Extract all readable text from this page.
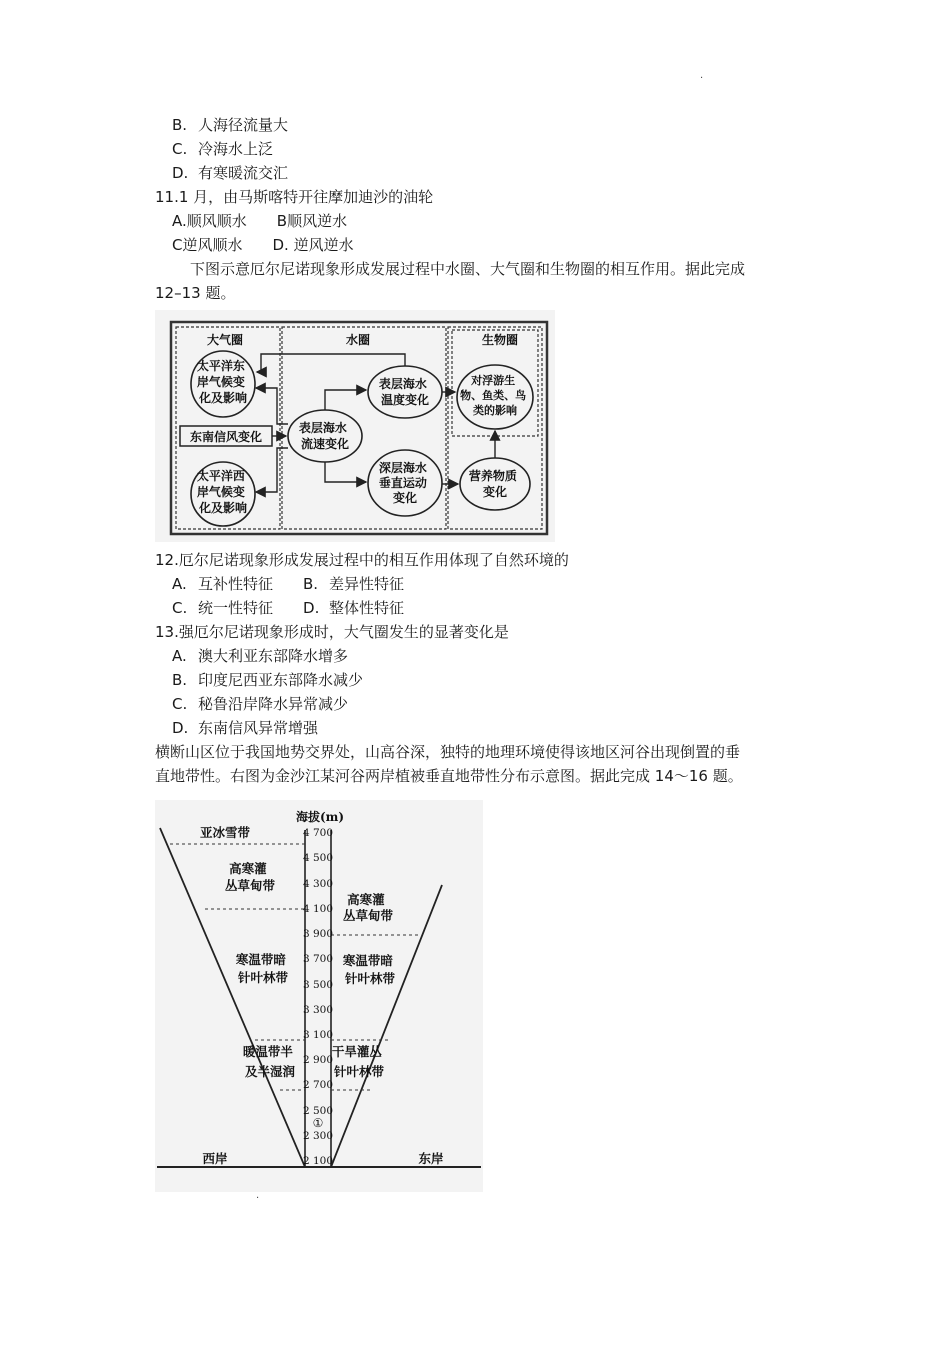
.
B. 人海径流量大
C. 冷海水上泛
D. 有寒暖流交汇
11.1 月，由马斯喀特开往摩加迪沙的油轮
A.顺风顺水 B顺风逆水
C逆风顺水 D. 逆风逆水
下图示意厄尔尼诺现象形成发展过程中水圈、大气圈和生物圈的相互作用。据此完成
12–13 题。
大气圈	水圈	生物圈
太平洋东 岸气候变 化及影响
东南信风变化
太平洋西 岸气候变 化及影响
表层海水 流速变化
表层海水 温度变化
深层海水 垂直运动 变化
对浮游生 物、鱼类、鸟 类的影响
营养物质 变化
12.厄尔尼诺现象形成发展过程中的相互作用体现了自然环境的
A. 互补性特征 B. 差异性特征
C. 统一性特征 D. 整体性特征
13.强厄尔尼诺现象形成时，大气圈发生的显著变化是
A. 澳大利亚东部降水增多
B. 印度尼西亚东部降水减少
C. 秘鲁沿岸降水异常减少
D. 东南信风异常增强
横断山区位于我国地势交界处，山高谷深，独特的地理环境使得该地区河谷出现倒置的垂
直地带性。右图为金沙江某河谷两岸植被垂直地带性分布示意图。据此完成 14～16 题。
海拔(m)
4 700
4 500
4 300
4 100
3 900
3 700
3 500
3 300
3 100
2 900
2 700
2 500
2 300
2 100
①
亚冰雪带
高寒灌 丛草甸带
寒温带暗 针叶林带
暖温带半 及半湿润
高寒灌 丛草甸带
寒温带暗 针叶林带
干旱灌丛 针叶林带
西岸	东岸
.
